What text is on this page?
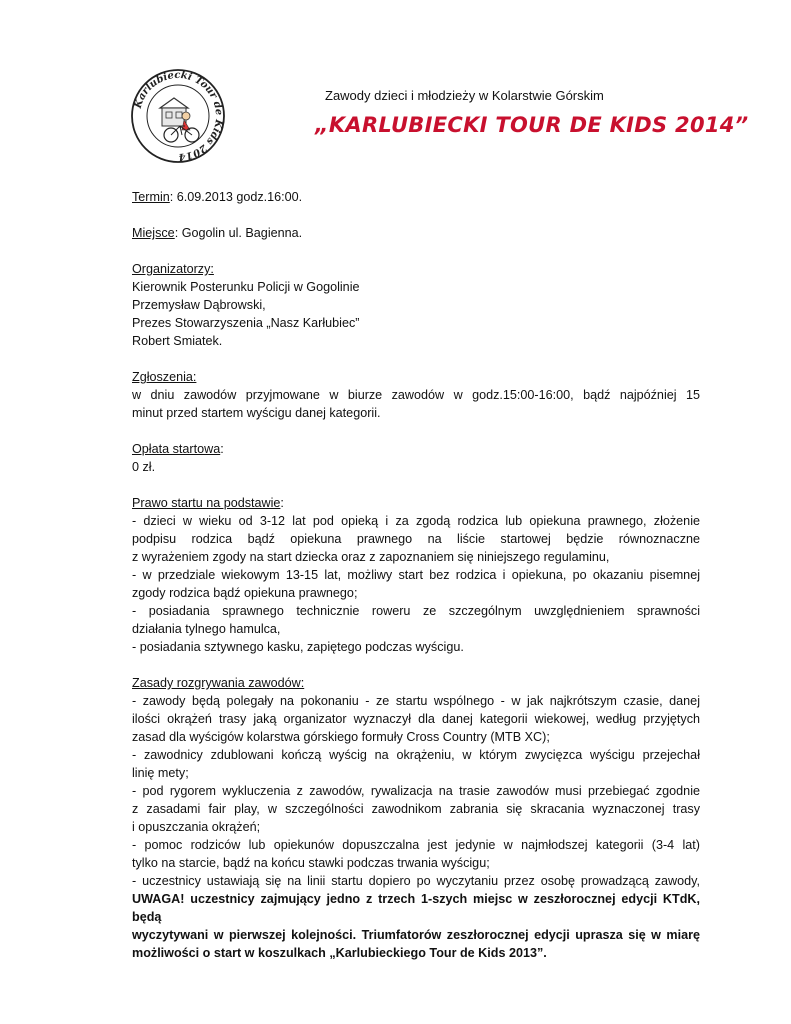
Karlubiecki Tour de Kids 2014
Zawody dzieci i młodzieży w Kolarstwie Górskim
„KARLUBIECKI TOUR DE KIDS 2014”

Termin: 6.09.2013 godz.16:00.

Miejsce: Gogolin ul. Bagienna.

Organizatorzy:

Kierownik Posterunku Policji w Gogolinie

Przemysław Dąbrowski,

Prezes Stowarzyszenia „Nasz Karłubiec”

Robert Smiatek.

Zgłoszenia:

w dniu zawodów przyjmowane w biurze zawodów w godz.15:00-16:00, bądź najpóźniej 15

minut przed startem wyścigu danej kategorii.

Opłata startowa:

0 zł.

Prawo startu na podstawie:

- dzieci w wieku od 3-12 lat pod opieką i za zgodą rodzica lub opiekuna prawnego, złożenie

podpisu rodzica bądź opiekuna prawnego na liście startowej będzie równoznaczne

z wyrażeniem zgody na start dziecka oraz z zapoznaniem się niniejszego regulaminu,

- w przedziale wiekowym 13-15 lat, możliwy start bez rodzica i opiekuna, po okazaniu pisemnej

zgody rodzica bądź opiekuna prawnego;

- posiadania sprawnego technicznie roweru ze szczególnym uwzględnieniem sprawności

działania tylnego hamulca,

- posiadania sztywnego kasku, zapiętego podczas wyścigu.

Zasady rozgrywania zawodów:

- zawody będą polegały na pokonaniu - ze startu wspólnego - w jak najkrótszym czasie, danej

ilości okrążeń trasy jaką organizator wyznaczył dla danej kategorii wiekowej, według przyjętych

zasad dla wyścigów kolarstwa górskiego formuły Cross Country (MTB XC);

- zawodnicy zdublowani kończą wyścig na okrążeniu, w którym zwycięzca wyścigu przejechał

linię mety;

- pod rygorem wykluczenia z zawodów, rywalizacja na trasie zawodów musi przebiegać zgodnie

z zasadami fair play, w szczególności zawodnikom zabrania się skracania wyznaczonej trasy

i opuszczania okrążeń;

- pomoc rodziców lub opiekunów dopuszczalna jest jedynie w najmłodszej kategorii (3-4 lat)

tylko na starcie, bądź na końcu stawki podczas trwania wyścigu;

- uczestnicy ustawiają się na linii startu dopiero po wyczytaniu przez osobę prowadzącą zawody,

UWAGA! uczestnicy zajmujący jedno z trzech 1-szych miejsc w zeszłorocznej edycji KTdK, będą

wyczytywani w pierwszej kolejności. Triumfatorów zeszłorocznej edycji uprasza się w miarę

możliwości o start w koszulkach „Karlubieckiego Tour de Kids 2013”.
